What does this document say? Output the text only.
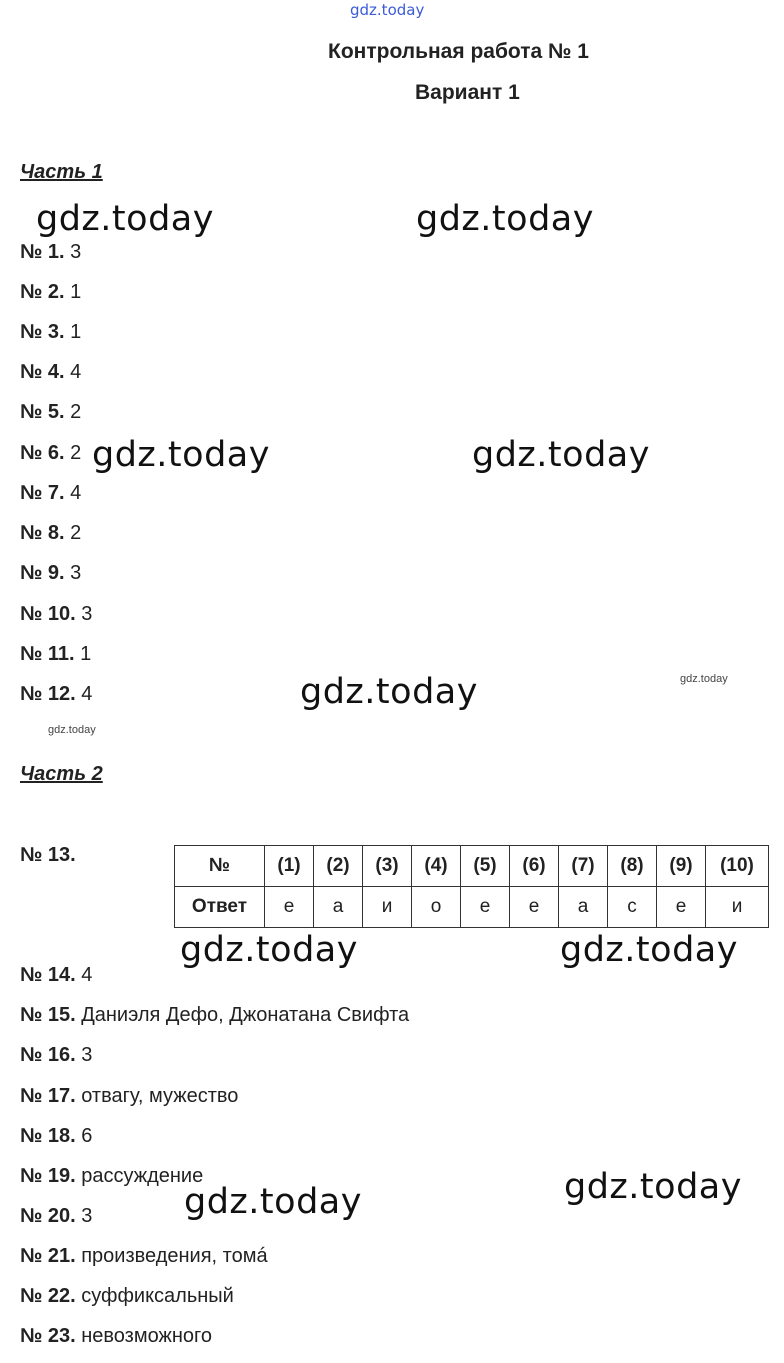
gdz.today
Контрольная работа № 1
Вариант 1
Часть 1
№ 1. 3
№ 2. 1
№ 3. 1
№ 4. 4
№ 5. 2
№ 6. 2
№ 7. 4
№ 8. 2
№ 9. 3
№ 10. 3
№ 11. 1
№ 12. 4
Часть 2
№ 13.	№	(1)	(2)	(3)	(4)	(5)	(6)	(7)	(8)	(9)	(10)
Ответ	е	а	и	о	е	е	а	с	е	и
№ 14. 4
№ 15. Даниэля Дефо, Джонатана Свифта
№ 16. 3
№ 17. отвагу, мужество
№ 18. 6
№ 19. рассуждение
№ 20. 3
№ 21. произведения, томá
№ 22. суффиксальный
№ 23. невозможного
gdz.today	gdz.today
gdz.today	gdz.today
gdz.today	gdz.today
gdz.today
gdz.today	gdz.today
gdz.today
gdz.today
